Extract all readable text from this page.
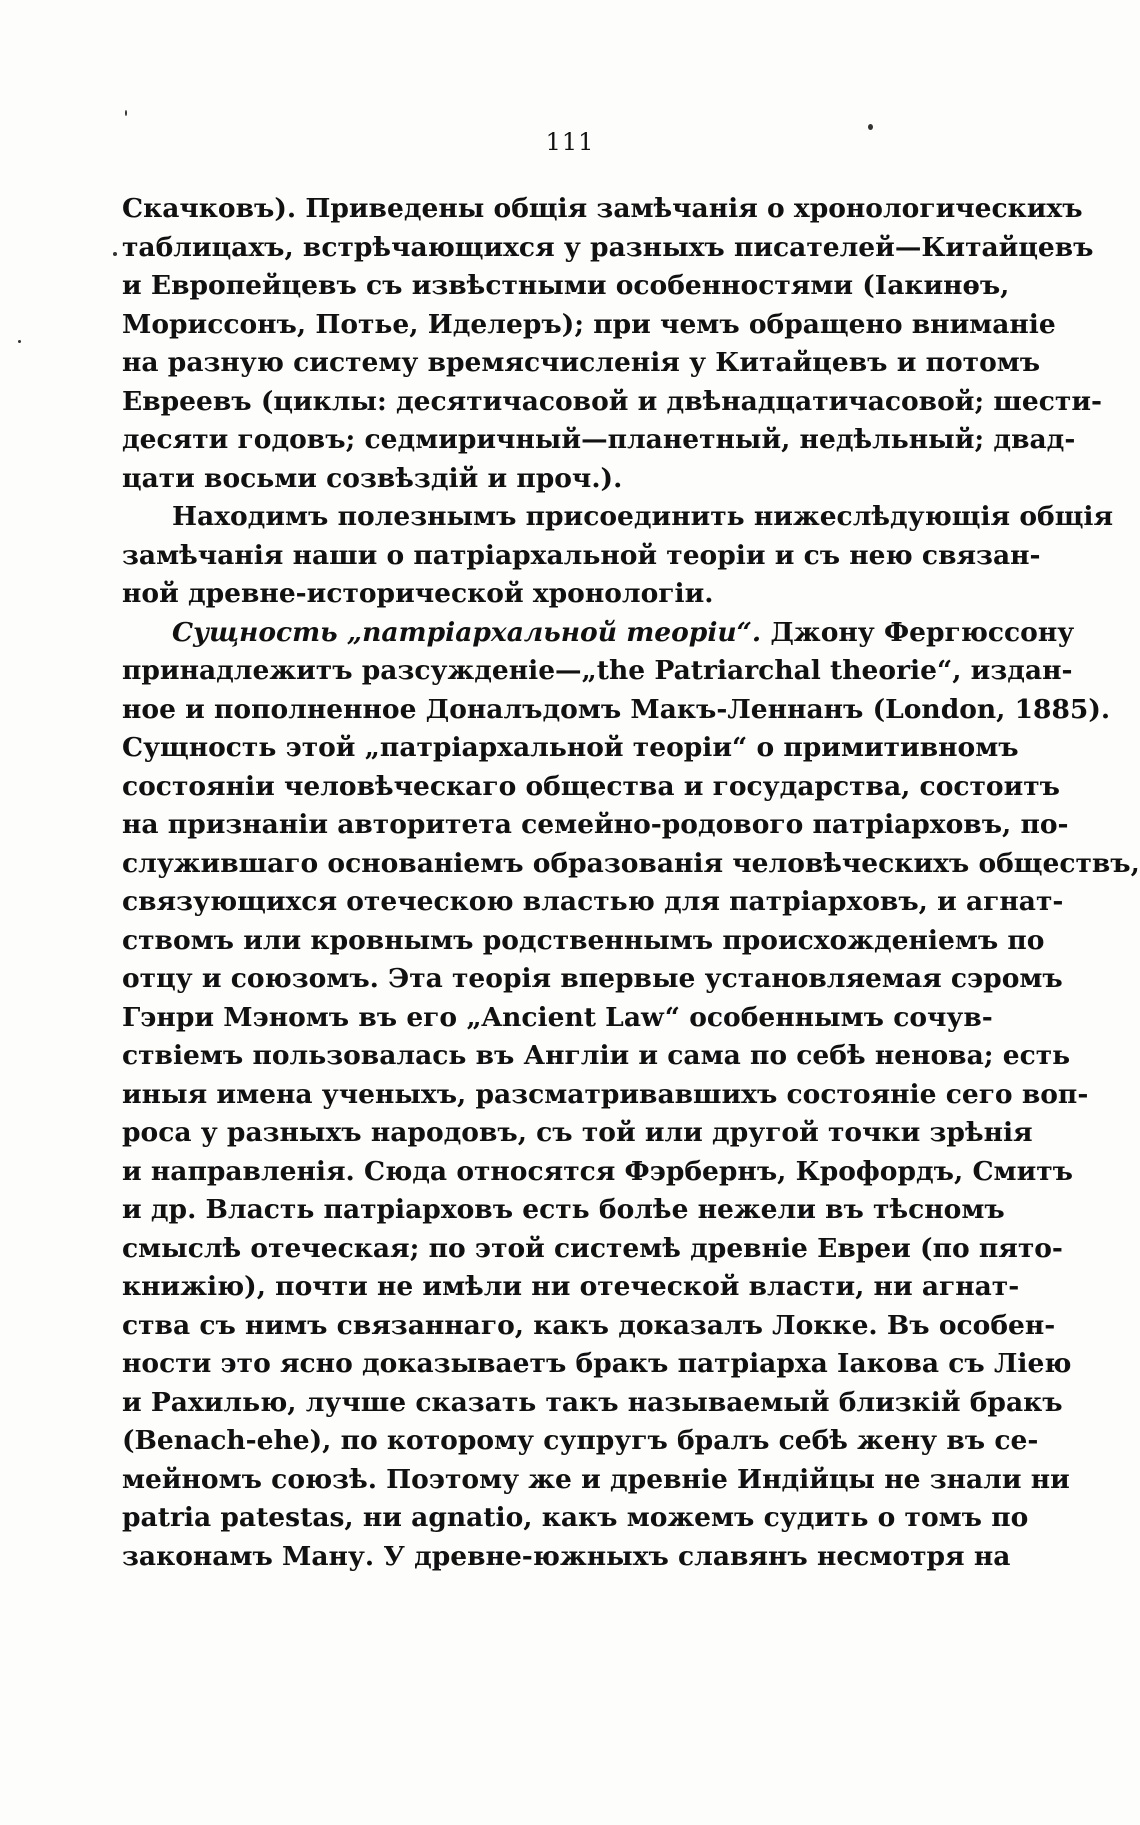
111
Скачковъ). Приведены общія замѣчанія о хронологическихъ
таблицахъ, встрѣчающихся у разныхъ писателей—Китайцевъ
и Европейцевъ съ извѣстными особенностями (Іакинѳъ,
Мориссонъ, Потье, Иделеръ); при чемъ обращено вниманіе
на разную систему времясчисленія у Китайцевъ и потомъ
Евреевъ (циклы: десятичасовой и двѣнадцатичасовой; шести-
десяти годовъ; седмиричный—планетный, недѣльный; двад-
цати восьми созвѣздій и проч.).
Находимъ полезнымъ присоединить нижеслѣдующія общія
замѣчанія наши о патріархальной теоріи и съ нею связан-
ной древне-исторической хронологіи.
Сущность „патріархальной теоріи“. Джону Фергюссону
принадлежитъ разсужденіе—„the Patriarchal theorie“, издан-
ное и пополненное Доналъдомъ Макъ-Леннанъ (London, 1885).
Сущность этой „патріархальной теоріи“ о примитивномъ
состояніи человѣческаго общества и государства, состоитъ
на признаніи авторитета семейно-родового патріарховъ, по-
служившаго основаніемъ образованія человѣческихъ обществъ,
связующихся отеческою властью для патріарховъ, и агнат-
ствомъ или кровнымъ родственнымъ происхожденіемъ по
отцу и союзомъ. Эта теорія впервые установляемая сэромъ
Гэнри Мэномъ въ его „Ancient Law“ особеннымъ сочув-
ствіемъ пользовалась въ Англіи и сама по себѣ ненова; есть
иныя имена ученыхъ, разсматривавшихъ состояніе сего воп-
роса у разныхъ народовъ, съ той или другой точки зрѣнія
и направленія. Сюда относятся Фэрбернъ, Крофордъ, Смитъ
и др. Власть патріарховъ есть болѣе нежели въ тѣсномъ
смыслѣ отеческая; по этой системѣ древніе Евреи (по пято-
книжію), почти не имѣли ни отеческой власти, ни агнат-
ства съ нимъ связаннаго, какъ доказалъ Локке. Въ особен-
ности это ясно доказываетъ бракъ патріарха Іакова съ Ліею
и Рахилью, лучше сказать такъ называемый близкій бракъ
(Benach-ehe), по которому супругъ бралъ себѣ жену въ се-
мейномъ союзѣ. Поэтому же и древніе Индійцы не знали ни
patria patestas, ни agnatio, какъ можемъ судить о томъ по
законамъ Ману. У древне-южныхъ славянъ несмотря на
